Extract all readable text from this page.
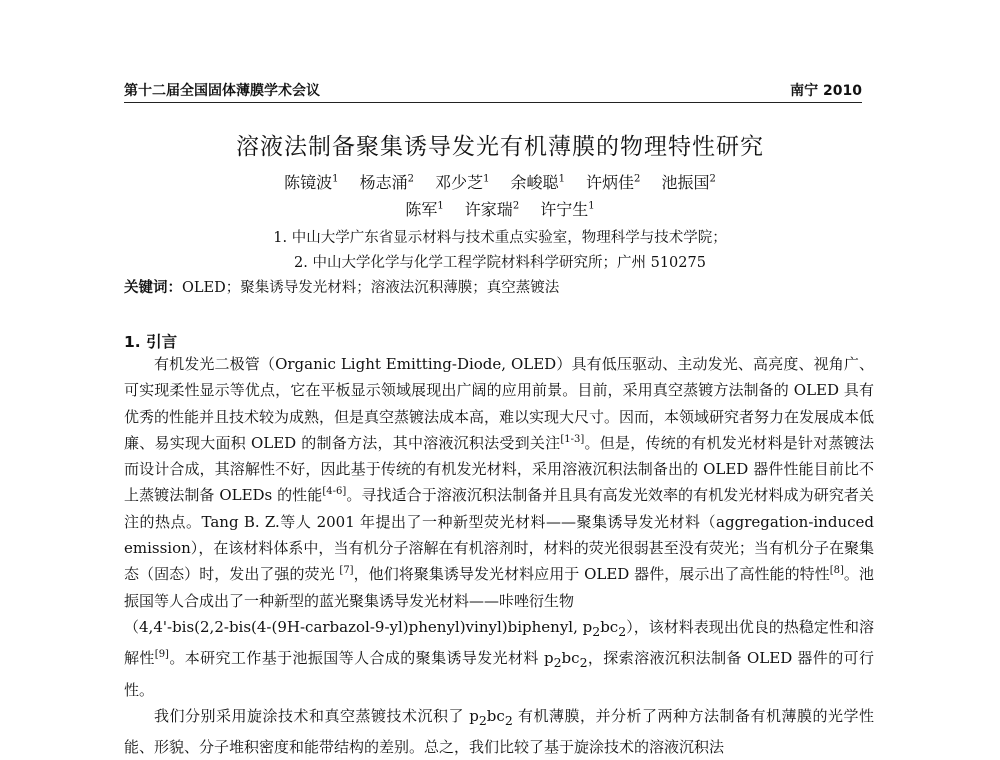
第十二届全国固体薄膜学术会议	南宁 2010
溶液法制备聚集诱导发光有机薄膜的物理特性研究
陈镜波$^1$ 杨志涌$^2$ 邓少芝$^1$ 余峻聪$^1$ 许炳佳$^2$ 池振国$^2$
陈军$^1$ 许家瑞$^2$ 许宁生$^1$
1. 中山大学广东省显示材料与技术重点实验室，物理科学与技术学院；
2. 中山大学化学与化学工程学院材料科学研究所；广州 510275
关键词：OLED；聚集诱导发光材料；溶液法沉积薄膜；真空蒸镀法
1. 引言

有机发光二极管（Organic Light Emitting-Diode, OLED）具有低压驱动、主动发光、高亮度、视角广、可实现柔性显示等优点，它在平板显示领域展现出广阔的应用前景。目前，采用真空蒸镀方法制备的 OLED 具有优秀的性能并且技术较为成熟，但是真空蒸镀法成本高，难以实现大尺寸。因而，本领域研究者努力在发展成本低廉、易实现大面积 OLED 的制备方法，其中溶液沉积法受到关注[1-3]。但是，传统的有机发光材料是针对蒸镀法而设计合成，其溶解性不好，因此基于传统的有机发光材料，采用溶液沉积法制备出的 OLED 器件性能目前比不上蒸镀法制备 OLEDs 的性能[4-6]。寻找适合于溶液沉积法制备并且具有高发光效率的有机发光材料成为研究者关注的热点。Tang B. Z.等人 2001 年提出了一种新型荧光材料——聚集诱导发光材料（aggregation-induced emission），在该材料体系中，当有机分子溶解在有机溶剂时，材料的荧光很弱甚至没有荧光；当有机分子在聚集态（固态）时，发出了强的荧光 [7]，他们将聚集诱导发光材料应用于 OLED 器件，展示出了高性能的特性[8]。池振国等人合成出了一种新型的蓝光聚集诱导发光材料——咔唑衍生物

（4,4'-bis(2,2-bis(4-(9H-carbazol-9-yl)phenyl)vinyl)biphenyl, $p_2bc_2$），该材料表现出优良的热稳定性和溶解性[9]。本研究工作基于池振国等人合成的聚集诱导发光材料 $p_2bc_2$，探索溶液沉积法制备 OLED 器件的可行性。

我们分别采用旋涂技术和真空蒸镀技术沉积了 $p_2bc_2$ 有机薄膜，并分析了两种方法制备有机薄膜的光学性能、形貌、分子堆积密度和能带结构的差别。总之，我们比较了基于旋涂技术的溶液沉积法
